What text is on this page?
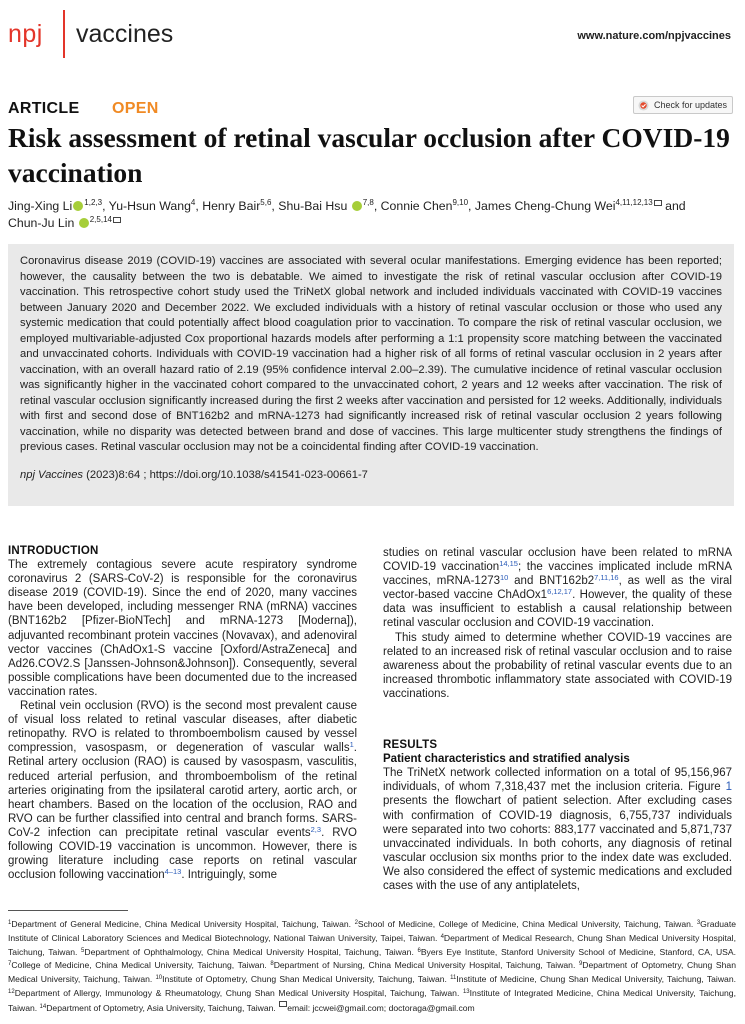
npj vaccines	www.nature.com/npjvaccines
ARTICLE OPEN	Check for updates
Risk assessment of retinal vascular occlusion after COVID-19 vaccination
Jing-Xing Li $^{1,2,3}$, Yu-Hsun Wang$^4$, Henry Bair$^{5,6}$, Shu-Bai Hsu $^{7,8}$, Connie Chen$^{9,10}$, James Cheng-Chung Wei$^{4,11,12,13}$ and
Chun-Ju Lin $^{2,5,14}$

Coronavirus disease 2019 (COVID-19) vaccines are associated with several ocular manifestations. Emerging evidence has been reported; however, the causality between the two is debatable. We aimed to investigate the risk of retinal vascular occlusion after COVID-19 vaccination. This retrospective cohort study used the TriNetX global network and included individuals vaccinated with COVID-19 vaccines between January 2020 and December 2022. We excluded individuals with a history of retinal vascular occlusion or those who used any systemic medication that could potentially affect blood coagulation prior to vaccination. To compare the risk of retinal vascular occlusion, we employed multivariable-adjusted Cox proportional hazards models after performing a 1:1 propensity score matching between the vaccinated and unvaccinated cohorts. Individuals with COVID-19 vaccination had a higher risk of all forms of retinal vascular occlusion in 2 years after vaccination, with an overall hazard ratio of 2.19 (95% confidence interval 2.00–2.39). The cumulative incidence of retinal vascular occlusion was significantly higher in the vaccinated cohort compared to the unvaccinated cohort, 2 years and 12 weeks after vaccination. The risk of retinal vascular occlusion significantly increased during the first 2 weeks after vaccination and persisted for 12 weeks. Additionally, individuals with first and second dose of BNT162b2 and mRNA-1273 had significantly increased risk of retinal vascular occlusion 2 years following vaccination, while no disparity was detected between brand and dose of vaccines. This large multicenter study strengthens the findings of previous cases. Retinal vascular occlusion may not be a coincidental finding after COVID-19 vaccination.

npj Vaccines (2023)8:64 ; https://doi.org/10.1038/s41541-023-00661-7

INTRODUCTION

The extremely contagious severe acute respiratory syndrome coronavirus 2 (SARS-CoV-2) is responsible for the coronavirus disease 2019 (COVID-19). Since the end of 2020, many vaccines have been developed, including messenger RNA (mRNA) vaccines (BNT162b2 [Pfizer-BioNTech] and mRNA-1273 [Moderna]), adjuvanted recombinant protein vaccines (Novavax), and adenoviral vector vaccines (ChAdOx1-S vaccine [Oxford/AstraZeneca] and Ad26.COV2.S [Janssen-Johnson&Johnson]). Consequently, several possible complications have been documented due to the increased vaccination rates.

Retinal vein occlusion (RVO) is the second most prevalent cause of visual loss related to retinal vascular diseases, after diabetic retinopathy. RVO is related to thromboembolism caused by vessel compression, vasospasm, or degeneration of vascular walls$^1$. Retinal artery occlusion (RAO) is caused by vasospasm, vasculitis, reduced arterial perfusion, and thromboembolism of the retinal arteries originating from the ipsilateral carotid artery, aortic arch, or heart chambers. Based on the location of the occlusion, RAO and RVO can be further classified into central and branch forms. SARS-CoV-2 infection can precipitate retinal vascular events$^{2,3}$. RVO following COVID-19 vaccination is uncommon. However, there is growing literature including case reports on retinal vascular occlusion following vaccination$^{4-13}$. Intriguingly, some

studies on retinal vascular occlusion have been related to mRNA COVID-19 vaccination$^{14,15}$; the vaccines implicated include mRNA vaccines, mRNA-1273$^{10}$ and BNT162b2$^{7,11,16}$, as well as the viral vector-based vaccine ChAdOx1$^{6,12,17}$. However, the quality of these data was insufficient to establish a causal relationship between retinal vascular occlusion and COVID-19 vaccination.

This study aimed to determine whether COVID-19 vaccines are related to an increased risk of retinal vascular occlusion and to raise awareness about the probability of retinal vascular events due to an increased thrombotic inflammatory state associated with COVID-19 vaccinations.

RESULTS
Patient characteristics and stratified analysis

The TriNetX network collected information on a total of 95,156,967 individuals, of whom 7,318,437 met the inclusion criteria. Figure 1 presents the flowchart of patient selection. After excluding cases with confirmation of COVID-19 diagnosis, 6,755,737 individuals were separated into two cohorts: 883,177 vaccinated and 5,871,737 unvaccinated individuals. In both cohorts, any diagnosis of retinal vascular occlusion six months prior to the index date was excluded. We also considered the effect of systemic medications and excluded cases with the use of any antiplatelets,

$^1$Department of General Medicine, China Medical University Hospital, Taichung, Taiwan. $^2$School of Medicine, College of Medicine, China Medical University, Taichung, Taiwan. $^3$Graduate Institute of Clinical Laboratory Sciences and Medical Biotechnology, National Taiwan University, Taipei, Taiwan. $^4$Department of Medical Research, Chung Shan Medical University Hospital, Taichung, Taiwan. $^5$Department of Ophthalmology, China Medical University Hospital, Taichung, Taiwan. $^6$Byers Eye Institute, Stanford University School of Medicine, Stanford, CA, USA. $^7$College of Medicine, China Medical University, Taichung, Taiwan. $^8$Department of Nursing, China Medical University Hospital, Taichung, Taiwan. $^9$Department of Optometry, Chung Shan Medical University, Taichung, Taiwan. $^{10}$Institute of Optometry, Chung Shan Medical University, Taichung, Taiwan. $^{11}$Institute of Medicine, Chung Shan Medical University, Taichung, Taiwan. $^{12}$Department of Allergy, Immunology & Rheumatology, Chung Shan Medical University Hospital, Taichung, Taiwan. $^{13}$Institute of Integrated Medicine, China Medical University, Taichung, Taiwan. $^{14}$Department of Optometry, Asia University, Taichung, Taiwan. email: jccwei@gmail.com; doctoraga@gmail.com
